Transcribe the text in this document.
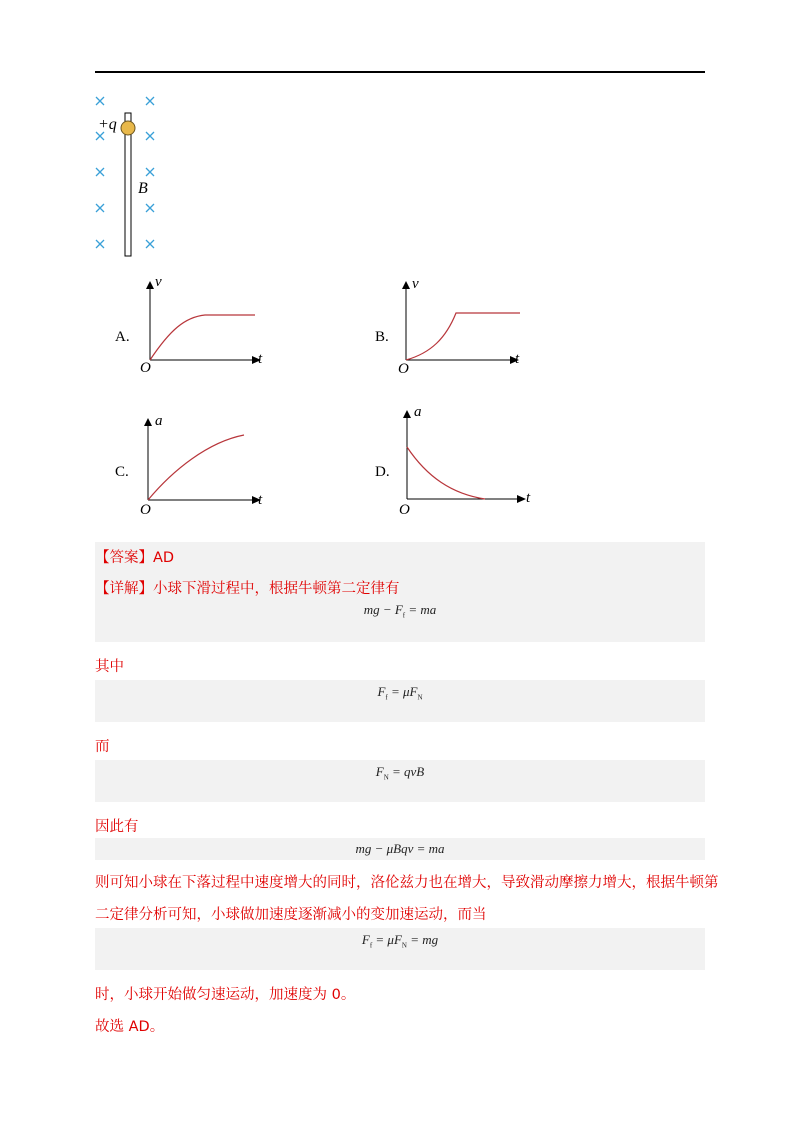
+q
B
A.
v
t
O
B.
v
t
O
C.
a
t
O
D.
a
t
O
【答案】AD
【详解】小球下滑过程中，根据牛顿第二定律有
mg − $F_f$ = ma
其中
$F_f = \mu F_N$
而
$F_N$ = qvB
因此有
mg − μBqv = ma
则可知小球在下落过程中速度增大的同时，洛伦兹力也在增大，导致滑动摩擦力增大，根据牛顿第
二定律分析可知，小球做加速度逐渐减小的变加速运动，而当
$F_f = \mu F_N$ = mg
时，小球开始做匀速运动，加速度为 0。
故选 AD。
